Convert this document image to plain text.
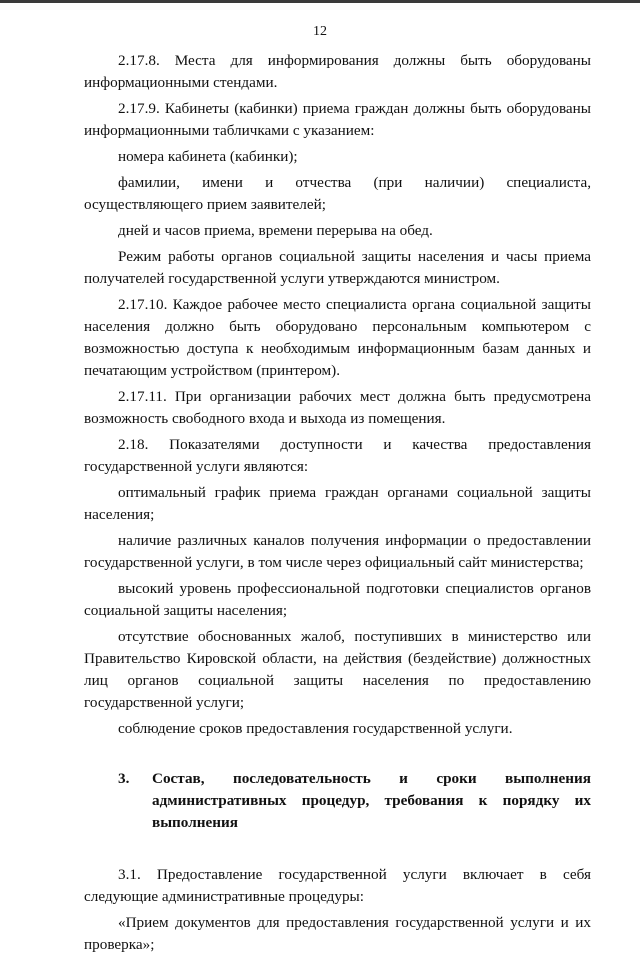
12

2.17.8. Места для информирования должны быть оборудованы информационными стендами.

2.17.9. Кабинеты (кабинки) приема граждан должны быть оборудованы информационными табличками с указанием:

номера кабинета (кабинки);

фамилии, имени и отчества (при наличии) специалиста, осуществляющего прием заявителей;

дней и часов приема, времени перерыва на обед.

Режим работы органов социальной защиты населения и часы приема получателей государственной услуги утверждаются министром.

2.17.10. Каждое рабочее место специалиста органа социальной защиты населения должно быть оборудовано персональным компьютером с возможностью доступа к необходимым информационным базам данных и печатающим устройством (принтером).

2.17.11. При организации рабочих мест должна быть предусмотрена возможность свободного входа и выхода из помещения.

2.18. Показателями доступности и качества предоставления государственной услуги являются:

оптимальный график приема граждан органами социальной защиты населения;

наличие различных каналов получения информации о предоставлении государственной услуги, в том числе через официальный сайт министерства;

высокий уровень профессиональной подготовки специалистов органов социальной защиты населения;

отсутствие обоснованных жалоб, поступивших в министерство или Правительство Кировской области, на действия (бездействие) должностных лиц органов социальной защиты населения по предоставлению государственной услуги;

соблюдение сроков предоставления государственной услуги.

3.	Состав, последовательность и сроки выполнения административных процедур, требования к порядку их выполнения

3.1. Предоставление государственной услуги включает в себя следующие административные процедуры:

«Прием документов для предоставления государственной услуги и их проверка»;
